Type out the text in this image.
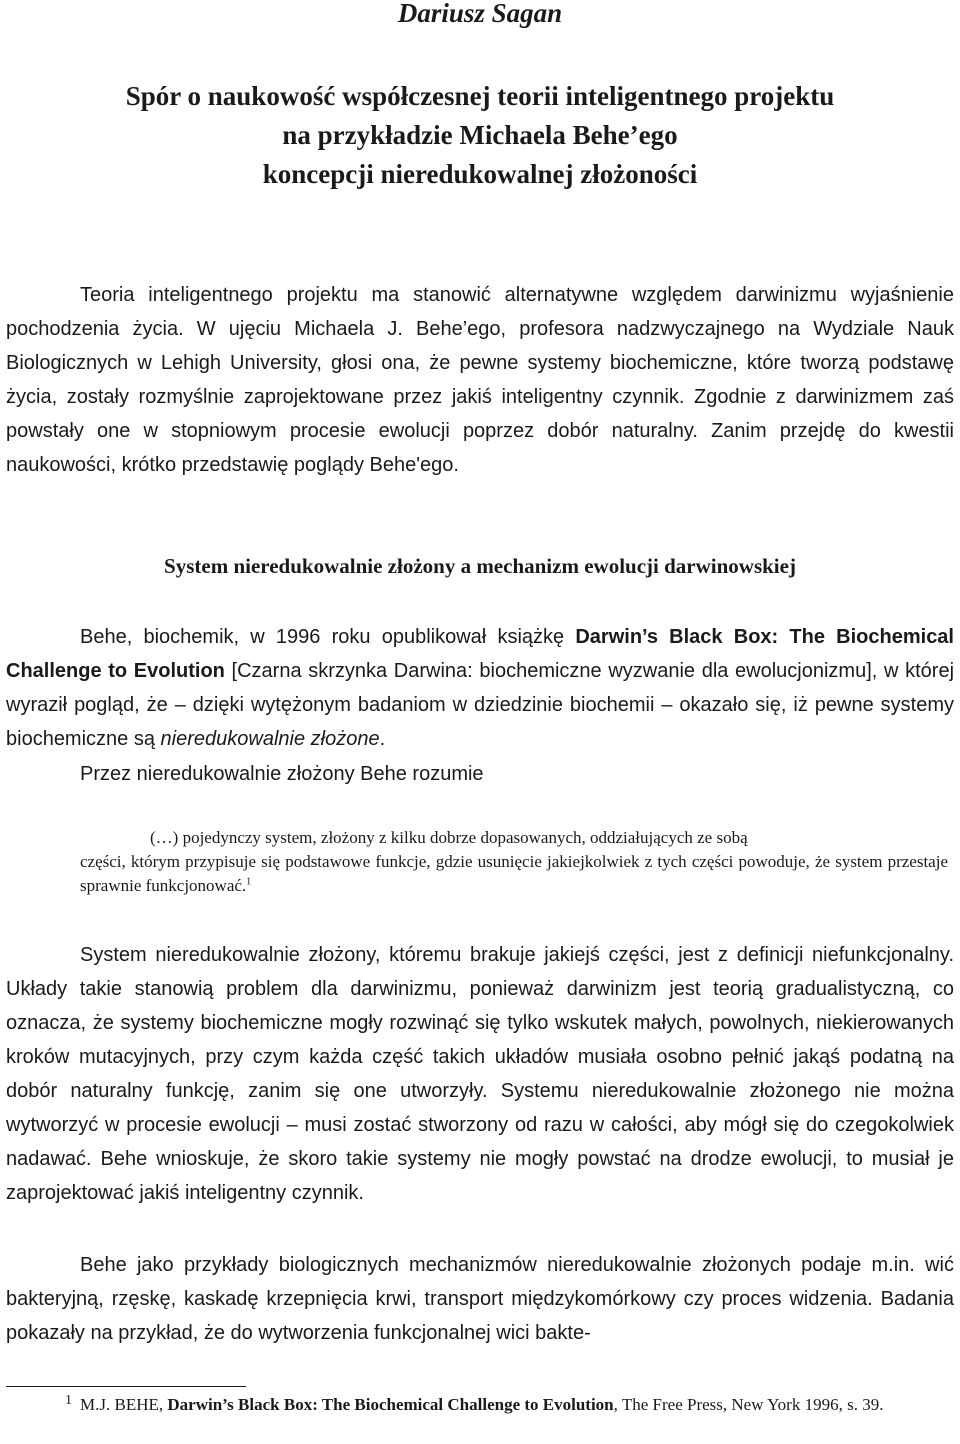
Dariusz Sagan
Spór o naukowość współczesnej teorii inteligentnego projektu
na przykładzie Michaela Behe’ego
koncepcji nieredukowalnej złożoności
Teoria inteligentnego projektu ma stanowić alternatywne względem darwinizmu wyjaśnienie pochodzenia życia. W ujęciu Michaela J. Behe’ego, profesora nadzwyczajnego na Wydziale Nauk Biologicznych w Lehigh University, głosi ona, że pewne systemy biochemiczne, które tworzą podstawę życia, zostały rozmyślnie zaprojektowane przez jakiś inteligentny czynnik. Zgodnie z darwinizmem zaś powstały one w stopniowym procesie ewolucji poprzez dobór naturalny. Zanim przejdę do kwestii naukowości, krótko przedstawię poglądy Behe'ego.
System nieredukowalnie złożony a mechanizm ewolucji darwinowskiej
Behe, biochemik, w 1996 roku opublikował książkę Darwin’s Black Box: The Biochemical Challenge to Evolution [Czarna skrzynka Darwina: biochemiczne wyzwanie dla ewolucjonizmu], w której wyraził pogląd, że – dzięki wytężonym badaniom w dziedzinie biochemii – okazało się, iż pewne systemy biochemiczne są nieredukowalnie złożone.
Przez nieredukowalnie złożony Behe rozumie
(…) pojedynczy system, złożony z kilku dobrze dopasowanych, oddziałujących ze sobą
części, którym przypisuje się podstawowe funkcje, gdzie usunięcie jakiejkolwiek z tych części powoduje, że system przestaje sprawnie funkcjonować.$^1$
System nieredukowalnie złożony, któremu brakuje jakiejś części, jest z definicji niefunkcjonalny. Układy takie stanowią problem dla darwinizmu, ponieważ darwinizm jest teorią gradualistyczną, co oznacza, że systemy biochemiczne mogły rozwinąć się tylko wskutek małych, powolnych, niekierowanych kroków mutacyjnych, przy czym każda część takich układów musiała osobno pełnić jakąś podatną na dobór naturalny funkcję, zanim się one utworzyły. Systemu nieredukowalnie złożonego nie można wytworzyć w procesie ewolucji – musi zostać stworzony od razu w całości, aby mógł się do czegokolwiek nadawać. Behe wnioskuje, że skoro takie systemy nie mogły powstać na drodze ewolucji, to musiał je zaprojektować jakiś inteligentny czynnik.
Behe jako przykłady biologicznych mechanizmów nieredukowalnie złożonych podaje m.in. wić bakteryjną, rzęskę, kaskadę krzepnięcia krwi, transport międzykomórkowy czy proces widzenia. Badania pokazały na przykład, że do wytworzenia funkcjonalnej wici bakte-
$^1$ M.J. BEHE, Darwin’s Black Box: The Biochemical Challenge to Evolution, The Free Press, New York 1996, s. 39.
